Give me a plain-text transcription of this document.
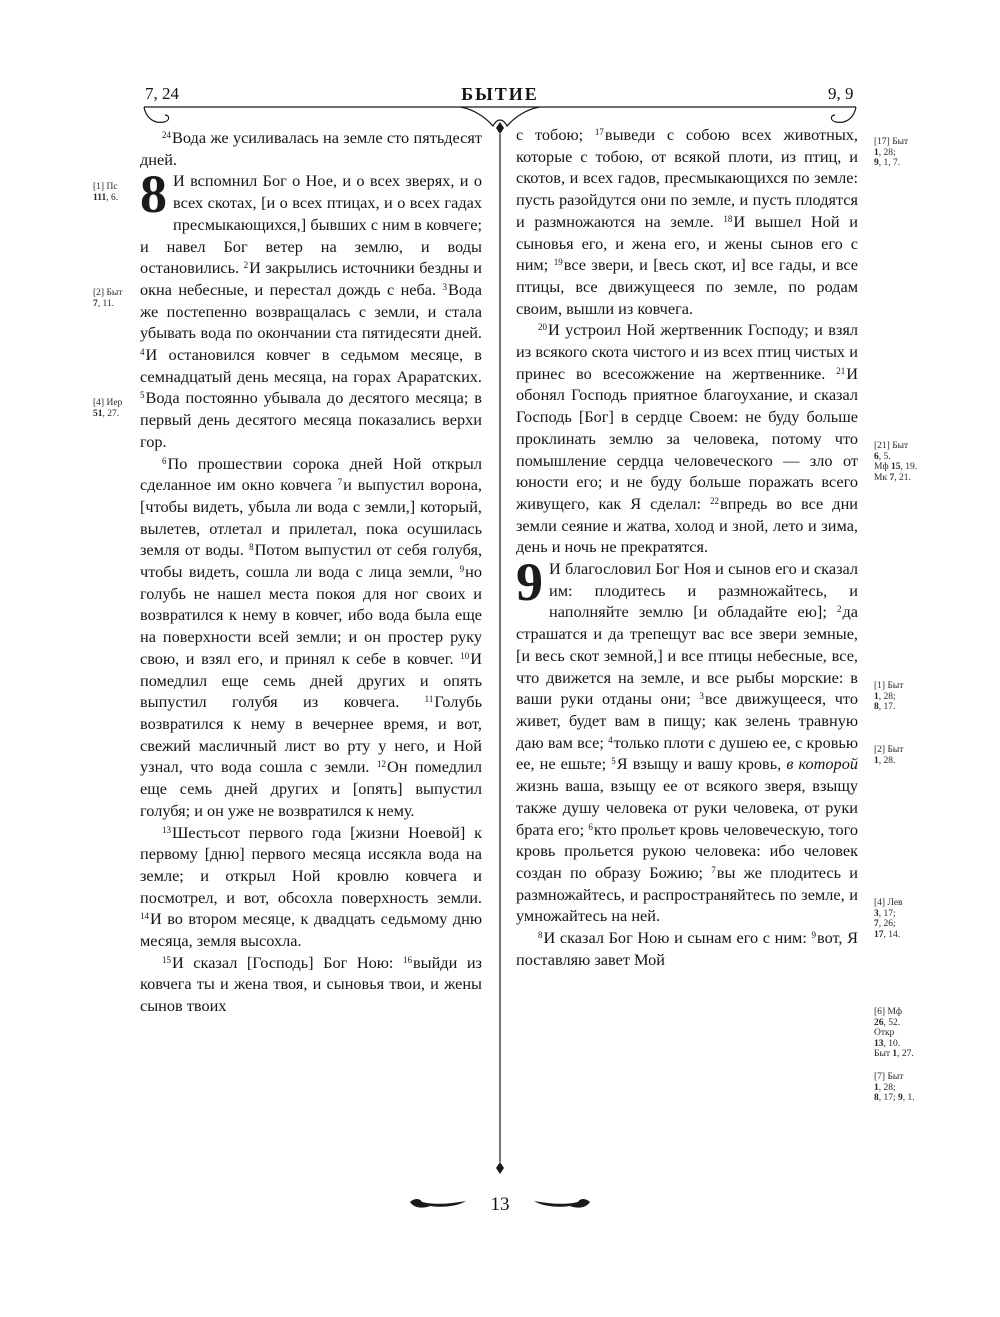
7, 24	БЫТИЕ	9, 9
13

$^{24}$Вода же усиливалась на земле сто пятьдесят дней.

8 И вспомнил Бог о Ное, и о всех зверях, и о всех скотах, [и о всех птицах, и о всех гадах пресмыкающихся,] бывших с ним в ковчеге; и навел Бог ветер на землю, и воды остановились. $^2$И закрылись источники бездны и окна небесные, и перестал дождь с неба. $^3$Вода же постепенно возвращалась с земли, и стала убывать вода по окончании ста пятидесяти дней. $^4$И остановился ковчег в седьмом месяце, в семнадцатый день месяца, на горах Араратских. $^5$Вода постоянно убывала до десятого месяца; в первый день десятого месяца показались верхи гор.

$^6$По прошествии сорока дней Ной открыл сделанное им окно ковчега $^7$и выпустил ворона, [чтобы видеть, убыла ли вода с земли,] который, вылетев, отлетал и прилетал, пока осушилась земля от воды. $^8$Потом выпустил от себя голубя, чтобы видеть, сошла ли вода с лица земли, $^9$но голубь не нашел места покоя для ног своих и возвратился к нему в ковчег, ибо вода была еще на поверхности всей земли; и он простер руку свою, и взял его, и принял к себе в ковчег. $^{10}$И помедлил еще семь дней других и опять выпустил голубя из ковчега.	$^{11}$Голубь возвратился к нему в вечернее время, и вот, свежий масличный лист во рту у него, и Ной узнал, что вода сошла с земли. $^{12}$Он помедлил еще семь дней других и [опять] выпустил голубя; и он уже не возвратился к нему.

$^{13}$Шестьсот первого года [жизни Ноевой] к первому [дню] первого месяца иссякла вода на земле; и открыл Ной кровлю ковчега и посмотрел, и вот, обсохла поверхность земли. $^{14}$И во втором месяце, к двадцать седьмому дню месяца, земля высохла.

$^{15}$И сказал [Господь] Бог Ною: $^{16}$выйди из ковчега ты и жена твоя, и сыновья твои, и жены сынов твоих

с тобою; $^{17}$выведи с собою всех животных, которые с тобою, от всякой плоти, из птиц, и скотов, и всех гадов, пресмыкающихся по земле: пусть разойдутся они по земле, и пусть плодятся и размножаются на земле. $^{18}$И вышел Ной и сыновья его, и жена его, и жены сынов его с ним; $^{19}$все звери, и [весь скот, и] все гады, и все птицы, все движущееся по земле, по родам своим, вышли из ковчега.

$^{20}$И устроил Ной жертвенник Господу; и взял из всякого скота чистого и из всех птиц чистых и принес во всесожжение на жертвеннике. $^{21}$И обонял Господь приятное благоухание, и сказал Господь [Бог] в сердце Своем: не буду больше проклинать землю за человека, потому что помышление сердца человеческого — зло от юности его; и не буду больше поражать всего живущего, как Я сделал: $^{22}$впредь во все дни земли сеяние и жатва, холод и зной, лето и зима, день и ночь не прекратятся.

9 И благословил Бог Ноя и сынов его и сказал им: плодитесь и размножайтесь, и наполняйте землю [и обладайте ею]; $^2$да страшатся и да трепещут вас все звери земные, [и весь скот земной,] и все птицы небесные, все, что движется на земле, и все рыбы морские: в ваши руки отданы они; $^3$все движущееся, что живет, будет вам в пищу; как зелень травную даю вам все; $^4$только плоти с душею ее, с кровью ее, не ешьте; $^5$Я взыщу и вашу кровь, в которой жизнь ваша, взыщу ее от всякого зверя, взыщу также душу человека от руки человека, от руки брата его; $^6$кто прольет кровь человеческую, того кровь прольется рукою человека: ибо человек создан по образу Божию; $^7$вы же плодитесь и размножайтесь, и распространяйтесь по земле, и умножайтесь на ней.

$^8$И сказал Бог Ною и сынам его с ним: $^9$вот, Я поставляю завет Мой

[1] Пс
111, 6.
[2] Быт
7, 11.
[4] Иер
51, 27.
[17] Быт
1, 28;
9, 1, 7.
[21] Быт
6, 5.
Мф 15, 19.
Мк 7, 21.
[1] Быт
1, 28;
8, 17.
[2] Быт
1, 28.
[4] Лев
3, 17;
7, 26;
17, 14.
[6] Мф
26, 52.
Откр
13, 10.
Быт 1, 27.
[7] Быт
1, 28;
8, 17; 9, 1.
